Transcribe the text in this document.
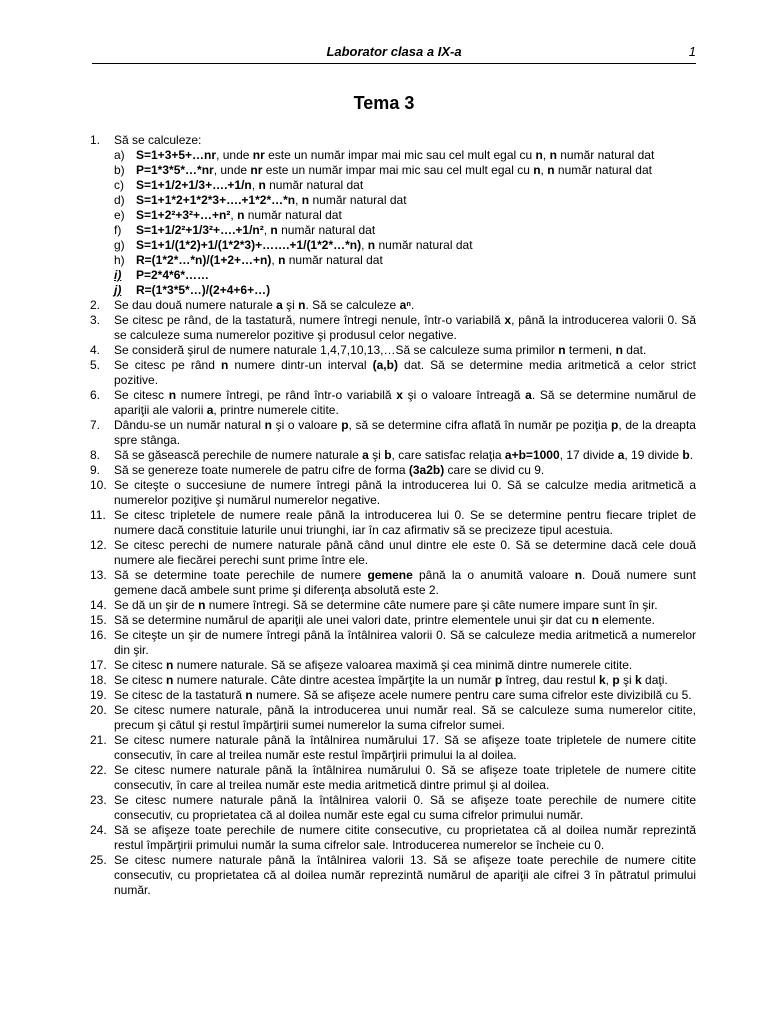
Laborator clasa a IX-a	1
Tema 3
1. Să se calculeze:
a) S=1+3+5+…nr, unde nr este un număr impar mai mic sau cel mult egal cu n, n număr natural dat
b) P=1*3*5*…*nr, unde nr este un număr impar mai mic sau cel mult egal cu n, n număr natural dat
c) S=1+1/2+1/3+….+1/n, n număr natural dat
d) S=1+1*2+1*2*3+….+1*2*…*n, n număr natural dat
e) S=1+2²+3²+…+n², n număr natural dat
f) S=1+1/2²+1/3²+….+1/n², n număr natural dat
g) S=1+1/(1*2)+1/(1*2*3)+…….+1/(1*2*…*n), n număr natural dat
h) R=(1*2*…*n)/(1+2+…+n), n număr natural dat
i) P=2*4*6*……
j) R=(1*3*5*…)/(2+4+6+…)
2. Se dau două numere naturale a şi n. Să se calculeze aⁿ.
3. Se citesc pe rând, de la tastatură, numere întregi nenule, într-o variabilă x, până la introducerea valorii 0. Să se calculeze suma numerelor pozitive şi produsul celor negative.
4. Se consideră şirul de numere naturale 1,4,7,10,13,…Să se calculeze suma primilor n termeni, n dat.
5. Se citesc pe rând n numere dintr-un interval (a,b) dat. Să se determine media aritmetică a celor strict pozitive.
6. Se citesc n numere întregi, pe rând într-o variabilă x şi o valoare întreagă a. Să se determine numărul de apariţii ale valorii a, printre numerele citite.
7. Dându-se un număr natural n şi o valoare p, să se determine cifra aflată în număr pe poziţia p, de la dreapta spre stânga.
8. Să se găsească perechile de numere naturale a şi b, care satisfac relaţia a+b=1000, 17 divide a, 19 divide b.
9. Să se genereze toate numerele de patru cifre de forma (3a2b) care se divid cu 9.
10. Se citeşte o succesiune de numere întregi până la introducerea lui 0. Să se calculze media aritmetică a numerelor poziţive şi numărul numerelor negative.
11. Se citesc tripletele de numere reale până la introducerea lui 0. Se se determine pentru fiecare triplet de numere dacă constituie laturile unui triunghi, iar în caz afirmativ să se precizeze tipul acestuia.
12. Se citesc perechi de numere naturale până când unul dintre ele este 0. Să se determine dacă cele două numere ale fiecărei perechi sunt prime între ele.
13. Să se determine toate perechile de numere gemene până la o anumită valoare n. Două numere sunt gemene dacă ambele sunt prime şi diferenţa absolută este 2.
14. Se dă un şir de n numere întregi. Să se determine câte numere pare şi câte numere impare sunt în şir.
15. Să se determine numărul de apariţii ale unei valori date, printre elementele unui şir dat cu n elemente.
16. Se citeşte un şir de numere întregi până la întâlnirea valorii 0. Să se calculeze media aritmetică a numerelor din şir.
17. Se citesc n numere naturale. Să se afişeze valoarea maximă şi cea minimă dintre numerele citite.
18. Se citesc n numere naturale. Câte dintre acestea împărţite la un număr p întreg, dau restul k, p şi k daţi.
19. Se citesc de la tastatură n numere. Să se afişeze acele numere pentru care suma cifrelor este divizibilă cu 5.
20. Se citesc numere naturale, până la introducerea unui număr real. Să se calculeze suma numerelor citite, precum şi câtul şi restul împărţirii sumei numerelor la suma cifrelor sumei.
21. Se citesc numere naturale până la întâlnirea numărului 17. Să se afişeze toate tripletele de numere citite consecutiv, în care al treilea număr este restul împărţirii primului la al doilea.
22. Se citesc numere naturale până la întâlnirea numărului 0. Să se afişeze toate tripletele de numere citite consecutiv, în care al treilea număr este media aritmetică dintre primul şi al doilea.
23. Se citesc numere naturale până la întâlnirea valorii 0. Să se afişeze toate perechile de numere citite consecutiv, cu proprietatea că al doilea număr este egal cu suma cifrelor primului număr.
24. Să se afişeze toate perechile de numere citite consecutive, cu proprietatea că al doilea număr reprezintă restul împărţirii primului număr la suma cifrelor sale. Introducerea numerelor se încheie cu 0.
25. Se citesc numere naturale până la întâlnirea valorii 13. Să se afişeze toate perechile de numere citite consecutiv, cu proprietatea că al doilea număr reprezintă numărul de apariţii ale cifrei 3 în pătratul primului număr.
